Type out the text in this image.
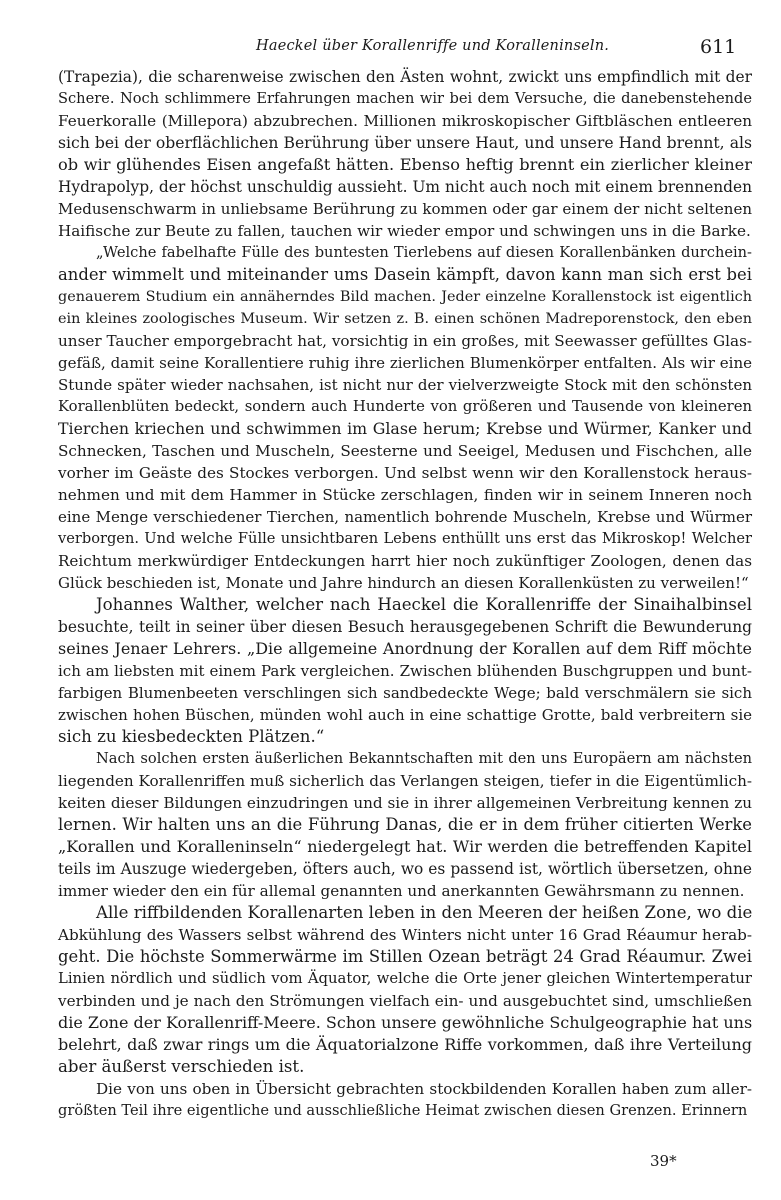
Haeckel über Korallenriffe und Koralleninseln.	611
(Trapezia), die scharenweise zwischen den Ästen wohnt, zwickt uns empfindlich mit der
Schere. Noch schlimmere Erfahrungen machen wir bei dem Versuche, die danebenstehende
Feuerkoralle (Millepora) abzubrechen. Millionen mikroskopischer Giftbläschen entleeren
sich bei der oberflächlichen Berührung über unsere Haut, und unsere Hand brennt, als
ob wir glühendes Eisen angefaßt hätten. Ebenso heftig brennt ein zierlicher kleiner
Hydrapolyp, der höchst unschuldig aussieht. Um nicht auch noch mit einem brennenden
Medusenschwarm in unliebsame Berührung zu kommen oder gar einem der nicht seltenen
Haifische zur Beute zu fallen, tauchen wir wieder empor und schwingen uns in die Barke.
„Welche fabelhafte Fülle des buntesten Tierlebens auf diesen Korallenbänken durchein-
ander wimmelt und miteinander ums Dasein kämpft, davon kann man sich erst bei
genauerem Studium ein annäherndes Bild machen. Jeder einzelne Korallenstock ist eigentlich
ein kleines zoologisches Museum. Wir setzen z. B. einen schönen Madreporenstock, den eben
unser Taucher emporgebracht hat, vorsichtig in ein großes, mit Seewasser gefülltes Glas-
gefäß, damit seine Korallentiere ruhig ihre zierlichen Blumenkörper entfalten. Als wir eine
Stunde später wieder nachsahen, ist nicht nur der vielverzweigte Stock mit den schönsten
Korallenblüten bedeckt, sondern auch Hunderte von größeren und Tausende von kleineren
Tierchen kriechen und schwimmen im Glase herum; Krebse und Würmer, Kanker und
Schnecken, Taschen und Muscheln, Seesterne und Seeigel, Medusen und Fischchen, alle
vorher im Geäste des Stockes verborgen. Und selbst wenn wir den Korallenstock heraus-
nehmen und mit dem Hammer in Stücke zerschlagen, finden wir in seinem Inneren noch
eine Menge verschiedener Tierchen, namentlich bohrende Muscheln, Krebse und Würmer
verborgen. Und welche Fülle unsichtbaren Lebens enthüllt uns erst das Mikroskop! Welcher
Reichtum merkwürdiger Entdeckungen harrt hier noch zukünftiger Zoologen, denen das
Glück beschieden ist, Monate und Jahre hindurch an diesen Korallenküsten zu verweilen!“
Johannes Walther, welcher nach Haeckel die Korallenriffe der Sinaihalbinsel
besuchte, teilt in seiner über diesen Besuch herausgegebenen Schrift die Bewunderung
seines Jenaer Lehrers. „Die allgemeine Anordnung der Korallen auf dem Riff möchte
ich am liebsten mit einem Park vergleichen. Zwischen blühenden Buschgruppen und bunt-
farbigen Blumenbeeten verschlingen sich sandbedeckte Wege; bald verschmälern sie sich
zwischen hohen Büschen, münden wohl auch in eine schattige Grotte, bald verbreitern sie
sich zu kiesbedeckten Plätzen.“
Nach solchen ersten äußerlichen Bekanntschaften mit den uns Europäern am nächsten
liegenden Korallenriffen muß sicherlich das Verlangen steigen, tiefer in die Eigentümlich-
keiten dieser Bildungen einzudringen und sie in ihrer allgemeinen Verbreitung kennen zu
lernen. Wir halten uns an die Führung Danas, die er in dem früher citierten Werke
„Korallen und Koralleninseln“ niedergelegt hat. Wir werden die betreffenden Kapitel
teils im Auszuge wiedergeben, öfters auch, wo es passend ist, wörtlich übersetzen, ohne
immer wieder den ein für allemal genannten und anerkannten Gewährsmann zu nennen.
Alle riffbildenden Korallenarten leben in den Meeren der heißen Zone, wo die
Abkühlung des Wassers selbst während des Winters nicht unter 16 Grad Réaumur herab-
geht. Die höchste Sommerwärme im Stillen Ozean beträgt 24 Grad Réaumur. Zwei
Linien nördlich und südlich vom Äquator, welche die Orte jener gleichen Wintertemperatur
verbinden und je nach den Strömungen vielfach ein- und ausgebuchtet sind, umschließen
die Zone der Korallenriff-Meere. Schon unsere gewöhnliche Schulgeographie hat uns
belehrt, daß zwar rings um die Äquatorialzone Riffe vorkommen, daß ihre Verteilung
aber äußerst verschieden ist.
Die von uns oben in Übersicht gebrachten stockbildenden Korallen haben zum aller-
größten Teil ihre eigentliche und ausschließliche Heimat zwischen diesen Grenzen. Erinnern
39*
